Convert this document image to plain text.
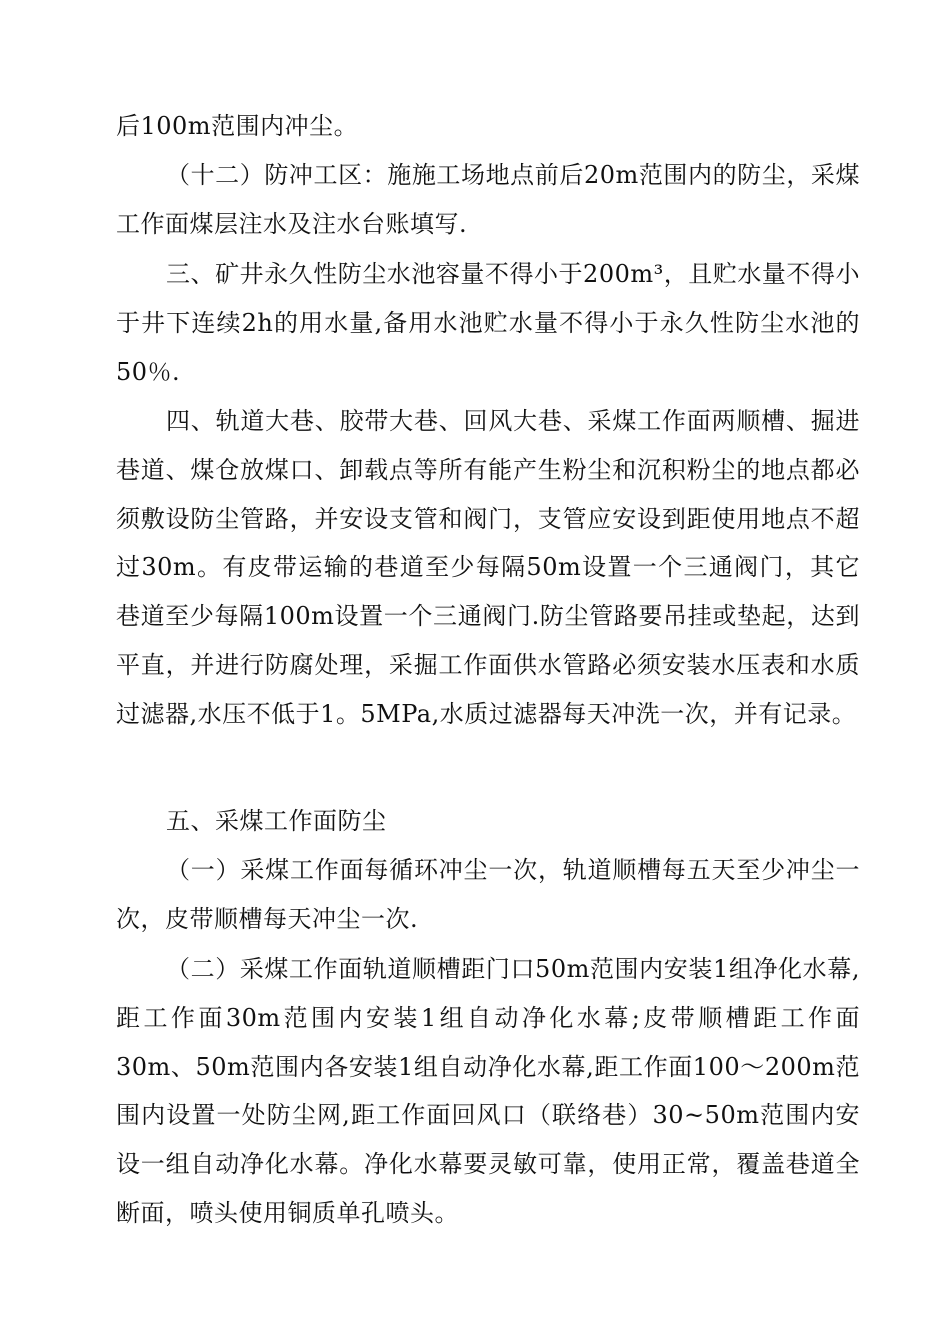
后100m范围内冲尘。

（十二）防冲工区：施施工场地点前后20m范围内的防尘，采煤工作面煤层注水及注水台账填写.

三、矿井永久性防尘水池容量不得小于200m³，且贮水量不得小于井下连续2h的用水量,备用水池贮水量不得小于永久性防尘水池的50％.

四、轨道大巷、胶带大巷、回风大巷、采煤工作面两顺槽、掘进巷道、煤仓放煤口、卸载点等所有能产生粉尘和沉积粉尘的地点都必须敷设防尘管路，并安设支管和阀门，支管应安设到距使用地点不超过30m。有皮带运输的巷道至少每隔50m设置一个三通阀门，其它巷道至少每隔100m设置一个三通阀门.防尘管路要吊挂或垫起，达到平直，并进行防腐处理，采掘工作面供水管路必须安装水压表和水质过滤器,水压不低于1。5MPa,水质过滤器每天冲洗一次，并有记录。

五、采煤工作面防尘

（一）采煤工作面每循环冲尘一次，轨道顺槽每五天至少冲尘一次，皮带顺槽每天冲尘一次.

（二）采煤工作面轨道顺槽距门口50m范围内安装1组净化水幕,距工作面30m范围内安装1组自动净化水幕;皮带顺槽距工作面30m、50m范围内各安装1组自动净化水幕,距工作面100～200m范围内设置一处防尘网,距工作面回风口（联络巷）30~50m范围内安设一组自动净化水幕。净化水幕要灵敏可靠，使用正常，覆盖巷道全断面，喷头使用铜质单孔喷头。
